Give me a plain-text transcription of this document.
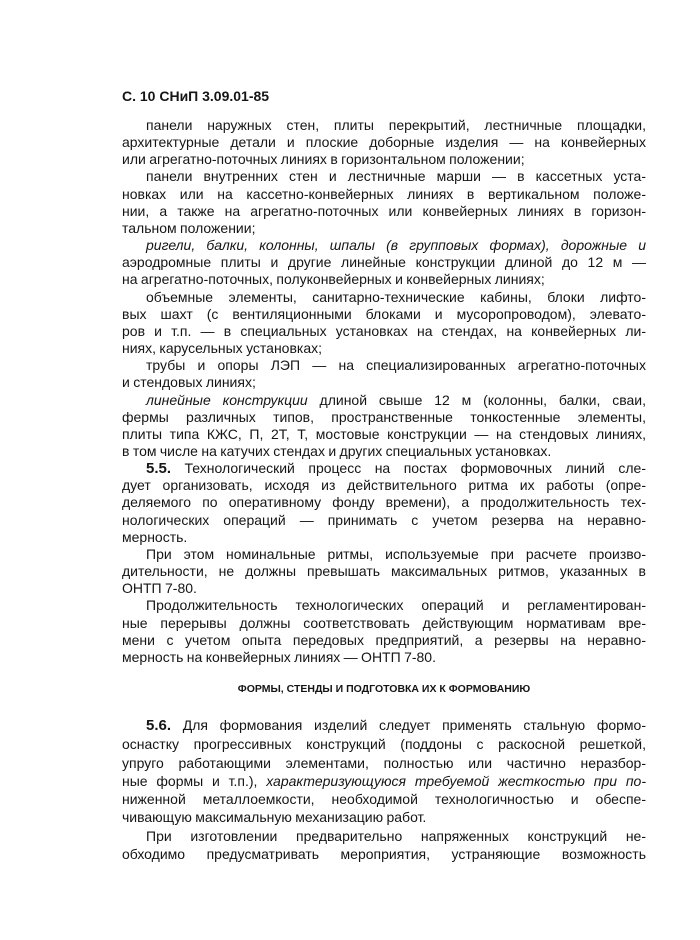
С. 10 СНиП 3.09.01-85
панели наружных стен, плиты перекрытий, лестничные площадки,
архитектурные детали и плоские доборные изделия — на конвейерных
или агрегатно-поточных линиях в горизонтальном положении;
панели внутренних стен и лестничные марши — в кассетных уста-
новках или на кассетно-конвейерных линиях в вертикальном положе-
нии, а также на агрегатно-поточных или конвейерных линиях в горизон-
тальном положении;
ригели, балки, колонны, шпалы (в групповых формах), дорожные и
аэродромные плиты и другие линейные конструкции длиной до 12 м —
на агрегатно-поточных, полуконвейерных и конвейерных линиях;
объемные элементы, санитарно-технические кабины, блоки лифто-
вых шахт (с вентиляционными блоками и мусоропроводом), элевато-
ров и т.п. — в специальных установках на стендах, на конвейерных ли-
ниях, карусельных установках;
трубы и опоры ЛЭП — на специализированных агрегатно-поточных
и стендовых линиях;
линейные конструкции длиной свыше 12 м (колонны, балки, сваи,
фермы различных типов, пространственные тонкостенные элементы,
плиты типа КЖС, П, 2Т, Т, мостовые конструкции — на стендовых линиях,
в том числе на катучих стендах и других специальных установках.
5.5. Технологический процесс на постах формовочных линий сле-
дует организовать, исходя из действительного ритма их работы (опре-
деляемого по оперативному фонду времени), а продолжительность тех-
нологических операций — принимать с учетом резерва на неравно-
мерность.
При этом номинальные ритмы, используемые при расчете произво-
дительности, не должны превышать максимальных ритмов, указанных в
ОНТП 7-80.
Продолжительность технологических операций и регламентирован-
ные перерывы должны соответствовать действующим нормативам вре-
мени с учетом опыта передовых предприятий, а резервы на неравно-
мерность на конвейерных линиях — ОНТП 7-80.
ФОРМЫ, СТЕНДЫ И ПОДГОТОВКА ИХ К ФОРМОВАНИЮ
5.6. Для формования изделий следует применять стальную формо-
оснастку прогрессивных конструкций (поддоны с раскосной решеткой,
упруго работающими элементами, полностью или частично неразбор-
ные формы и т.п.), характеризующуюся требуемой жесткостью при по-
ниженной металлоемкости, необходимой технологичностью и обеспе-
чивающую максимальную механизацию работ.
При изготовлении предварительно напряженных конструкций не-
обходимо предусматривать мероприятия, устраняющие возможность
